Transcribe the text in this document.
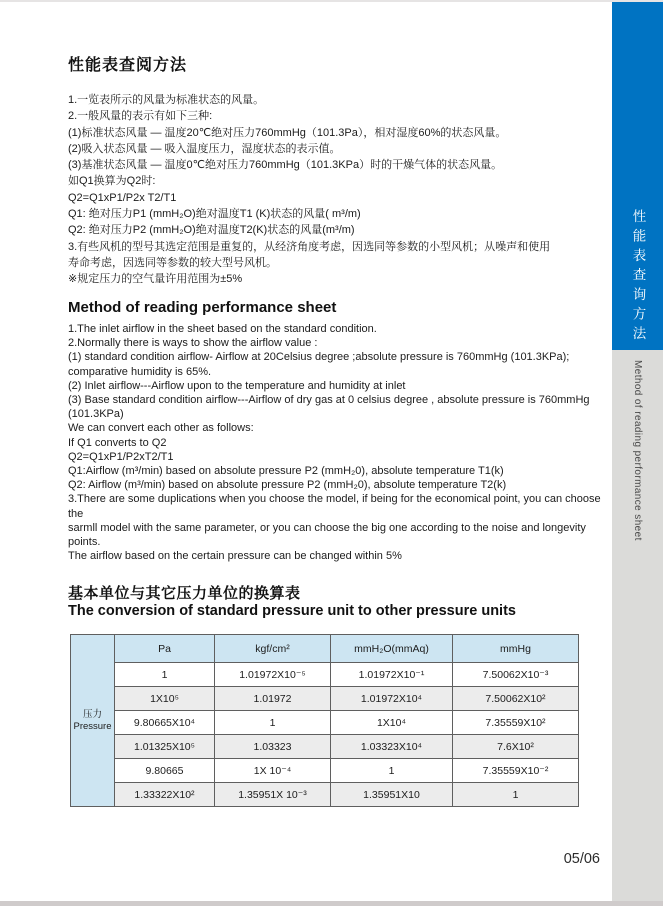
性能表查阅方法
1.一览表所示的风量为标准状态的风量。
2.一般风量的表示有如下三种:
(1)标准状态风量 — 温度20℃绝对压力760mmHg（101.3Pa），相对湿度60%的状态风量。
(2)吸入状态风量 — 吸入温度压力，湿度状态的表示值。
(3)基准状态风量 — 温度0℃绝对压力760mmHg（101.3KPa）时的干燥气体的状态风量。
如Q1换算为Q2时:
Q2=Q1xP1/P2x T2/T1
Q1: 绝对压力P1 (mmH₂O)绝对温度T1 (K)状态的风量( m³/m)
Q2: 绝对压力P2 (mmH₂O)绝对温度T2(K)状态的风量(m³/m)
3.有些风机的型号其选定范围是重复的，从经济角度考虑，因选同等参数的小型风机；从噪声和使用
寿命考虑，因选同等参数的较大型号风机。
※规定压力的空气量许用范围为±5%
Method of reading performance sheet
1.The inlet airflow in the sheet based on the standard condition.
2.Normally there is ways to show the airflow value :
(1) standard condition airflow- Airflow at 20Celsius degree ;absolute pressure is 760mmHg (101.3KPa);
comparative humidity is 65%.
(2) Inlet airflow---Airflow upon to the temperature and humidity at inlet
(3) Base standard condition airflow---Airflow of dry gas at 0 celsius degree , absolute pressure is 760mmHg (101.3KPa)
We can convert each other as follows:
If Q1 converts to Q2
Q2=Q1xP1/P2xT2/T1
Q1:Airflow (m³/min) based on absolute pressure P2 (mmH₂0), absolute temperature T1(k)
Q2: Airflow (m³/min) based on absolute pressure P2 (mmH₂0), absolute temperature T2(k)
3.There are some duplications when you choose the model, if being for the economical point, you can choose the
sarmll model with the same parameter, or you can choose the big one according to the noise and longevity points.
The airflow based on the certain pressure can be changed within 5%
基本单位与其它压力单位的换算表
The conversion of standard pressure unit to other pressure units
压力
Pressure	Pa	kgf/cm²	mmH₂O(mmAq)	mmHg
	1	1.01972X10⁻⁵	1.01972X10⁻¹	7.50062X10⁻³
	1X10⁵	1.01972	1.01972X10⁴	7.50062X10²
	9.80665X10⁴	1	1X10⁴	7.35559X10²
	1.01325X10⁵	1.03323	1.03323X10⁴	7.6X10²
	9.80665	1X 10⁻⁴	1	7.35559X10⁻²
	1.33322X10²	1.35951X 10⁻³	1.35951X10	1
05/06
性能表查询方法
Method of reading performance sheet
